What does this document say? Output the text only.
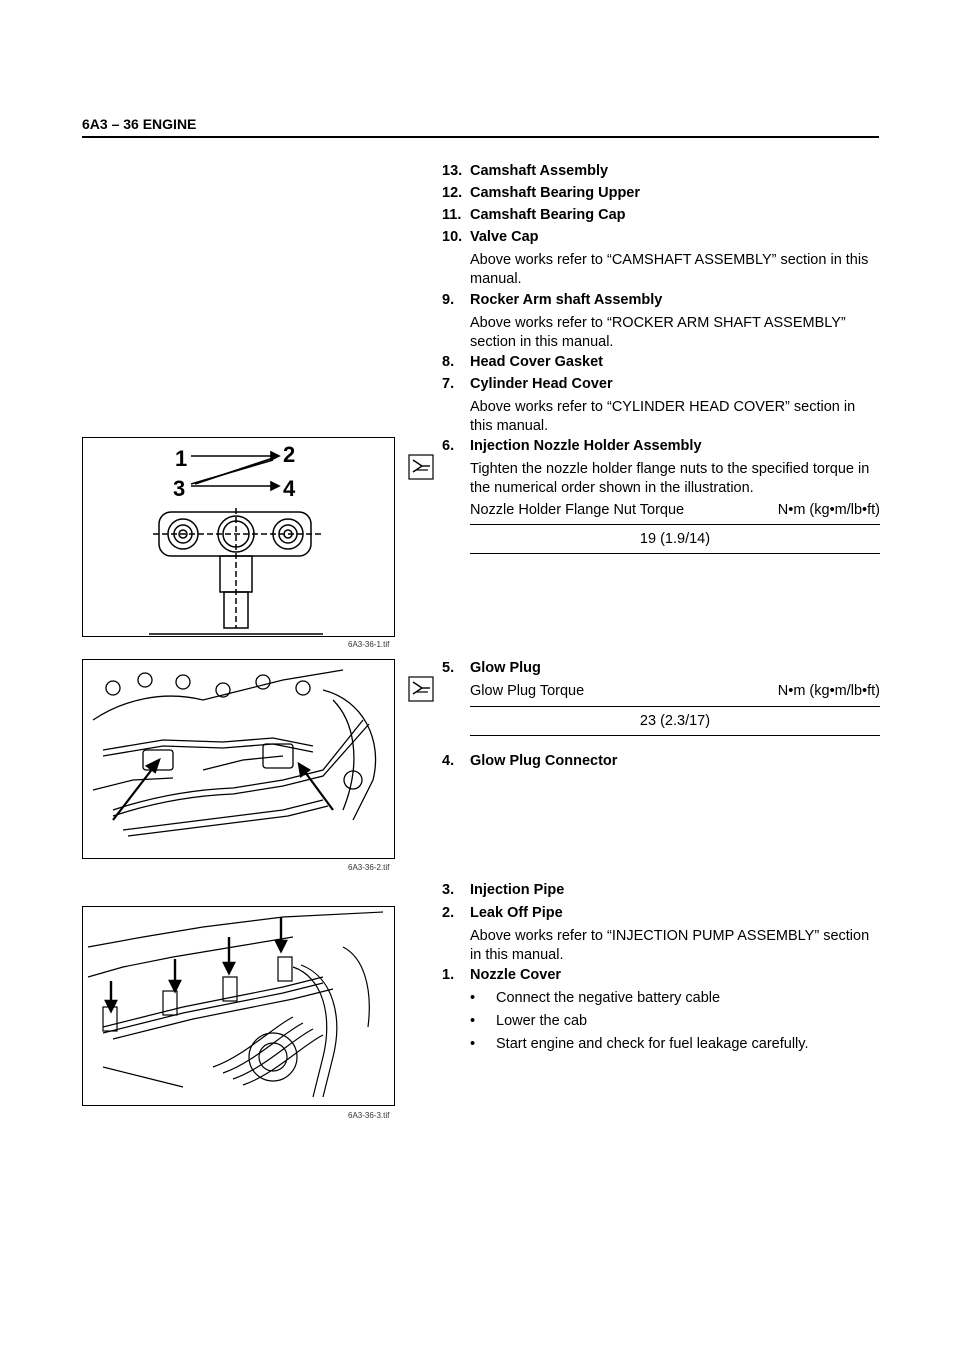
6A3 – 36 ENGINE
13. Camshaft Assembly
12. Camshaft Bearing Upper
11. Camshaft Bearing Cap
10. Valve Cap
Above works refer to “CAMSHAFT ASSEMBLY” section in this manual.
9. Rocker Arm shaft Assembly
Above works refer to “ROCKER ARM SHAFT ASSEMBLY” section in this manual.
8. Head Cover Gasket
7. Cylinder Head Cover
Above works refer to “CYLINDER HEAD COVER” section in this manual.
1	2
3	4
6A3-36-1.tif
6. Injection Nozzle Holder Assembly
Tighten the nozzle holder flange nuts to the specified torque in the numerical order shown in the illustration.
Nozzle Holder Flange Nut Torque	N•m (kg•m/lb•ft)
19 (1.9/14)
6A3-36-2.tif
5. Glow Plug
Glow Plug Torque	N•m (kg•m/lb•ft)
23 (2.3/17)
4. Glow Plug Connector
3. Injection Pipe
2. Leak Off Pipe
Above works refer to “INJECTION PUMP ASSEMBLY” section in this manual.
6A3-36-3.tif
1. Nozzle Cover
• Connect the negative battery cable
• Lower the cab
• Start engine and check for fuel leakage carefully.
